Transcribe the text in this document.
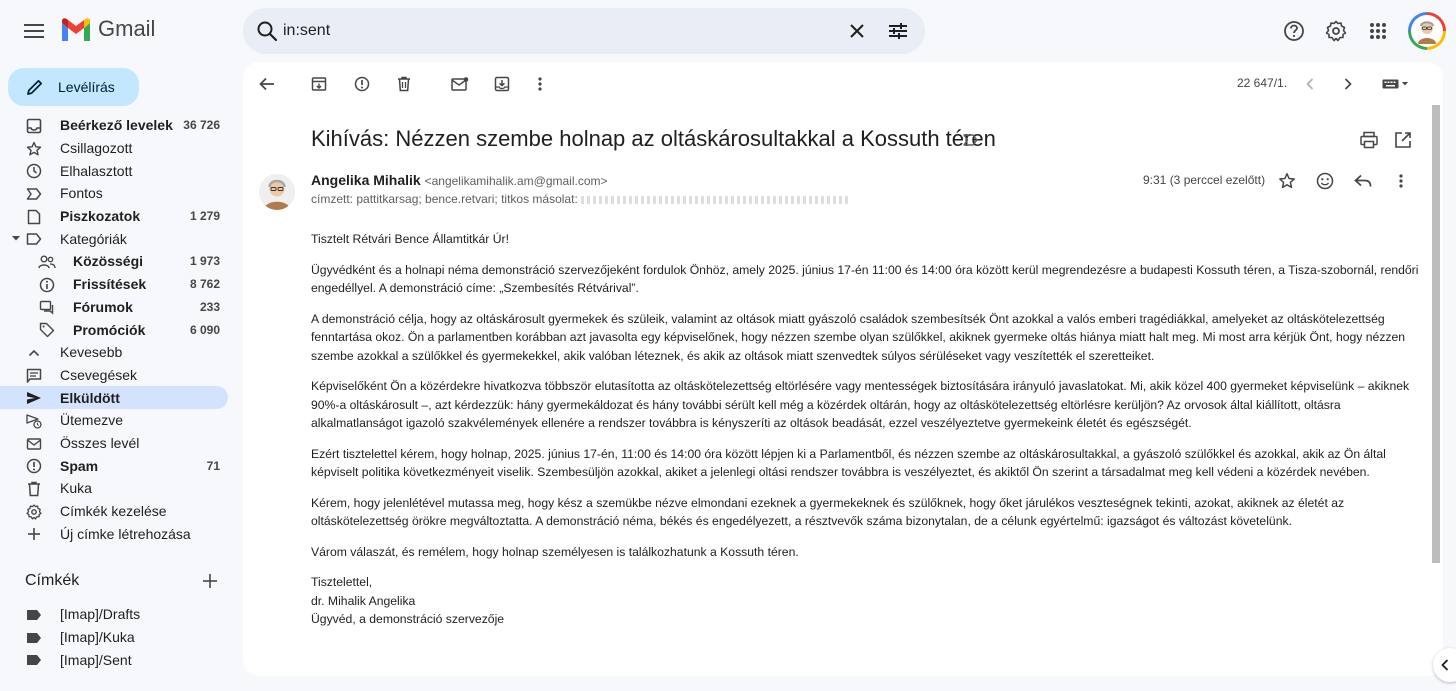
Gmail
in:sent
Levélírás
Beérkező levelek 36 726
Csillagozott
Elhalasztott
Fontos
Piszkozatok	1 279
Kategóriák
Közösségi	1 973
Frissítések	8 762
Fórumok	233
Promóciók	6 090
Kevesebb
Csevegések
Elküldött
Ütemezve
Összes levél
Spam	71
Kuka
Címkék kezelése
Új címke létrehozása
Címkék
[Imap]/Drafts
[Imap]/Kuka
[Imap]/Sent
22 647/1.
Kihívás: Nézzen szembe holnap az oltáskárosultakkal a Kossuth téren
Angelika Mihalik <angelikamihalik.am@gmail.com>
címzett: pattitkarsag; bence.retvari; titkos másolat:
9:31 (3 perccel ezelőtt)

Tisztelt Rétvári Bence Államtitkár Úr!

Ügyvédként és a holnapi néma demonstráció szervezőjeként fordulok Önhöz, amely 2025. június 17-én 11:00 és 14:00 óra között kerül megrendezésre a budapesti Kossuth téren, a Tisza-szobornál, rendőri engedéllyel. A demonstráció címe: „Szembesítés Rétvárival”.

A demonstráció célja, hogy az oltáskárosult gyermekek és szüleik, valamint az oltások miatt gyászoló családok szembesítsék Önt azokkal a valós emberi tragédiákkal, amelyeket az oltáskötelezettség fenntartása okoz. Ön a parlamentben korábban azt javasolta egy képviselőnek, hogy nézzen szembe olyan szülőkkel, akiknek gyermeke oltás hiánya miatt halt meg. Mi most arra kérjük Önt, hogy nézzen szembe azokkal a szülőkkel és gyermekekkel, akik valóban léteznek, és akik az oltások miatt szenvedtek súlyos sérüléseket vagy veszítették el szeretteiket.

Képviselőként Ön a közérdekre hivatkozva többször elutasította az oltáskötelezettség eltörlésére vagy mentességek biztosítására irányuló javaslatokat. Mi, akik közel 400 gyermeket képviselünk – akiknek 90%-a oltáskárosult –, azt kérdezzük: hány gyermekáldozat és hány további sérült kell még a közérdek oltárán, hogy az oltáskötelezettség eltörlésre kerüljön? Az orvosok által kiállított, oltásra alkalmatlanságot igazoló szakvélemények ellenére a rendszer továbbra is kényszeríti az oltások beadását, ezzel veszélyeztetve gyermekeink életét és egészségét.

Ezért tisztelettel kérem, hogy holnap, 2025. június 17-én, 11:00 és 14:00 óra között lépjen ki a Parlamentből, és nézzen szembe az oltáskárosultakkal, a gyászoló szülőkkel és azokkal, akik az Ön által képviselt politika következményeit viselik. Szembesüljön azokkal, akiket a jelenlegi oltási rendszer továbbra is veszélyeztet, és akiktől Ön szerint a társadalmat meg kell védeni a közérdek nevében.

Kérem, hogy jelenlétével mutassa meg, hogy kész a szemükbe nézve elmondani ezeknek a gyermekeknek és szülőknek, hogy őket járulékos veszteségnek tekinti, azokat, akiknek az életét az oltáskötelezettség örökre megváltoztatta. A demonstráció néma, békés és engedélyezett, a résztvevők száma bizonytalan, de a célunk egyértelmű: igazságot és változást követelünk.

Várom válaszát, és remélem, hogy holnap személyesen is találkozhatunk a Kossuth téren.

Tisztelettel,

dr. Mihalik Angelika

Ügyvéd, a demonstráció szervezője
